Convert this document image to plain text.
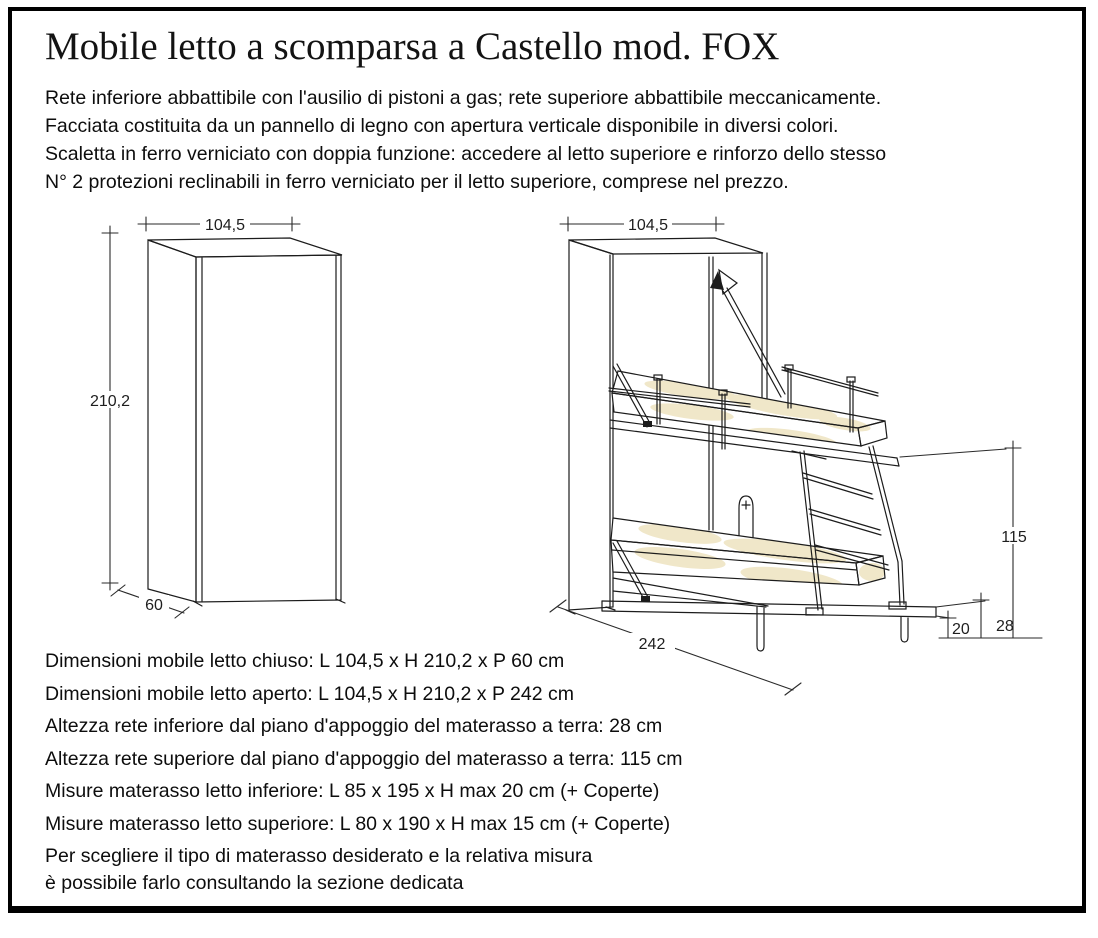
Mobile letto a scomparsa a Castello mod. FOX
Rete inferiore abbattibile con l'ausilio di pistoni a gas; rete superiore abbattibile meccanicamente.
Facciata costituita da un pannello di legno con apertura verticale disponibile in diversi colori.
Scaletta in ferro verniciato con doppia funzione: accedere al letto superiore e rinforzo dello stesso
N° 2 protezioni reclinabili in ferro verniciato per il letto superiore, comprese nel prezzo.
104,5
210,2
60
104,5
242
115
28
20
Dimensioni mobile letto chiuso: L 104,5 x H 210,2 x P 60 cm
Dimensioni mobile letto aperto: L 104,5 x H 210,2 x P 242 cm
Altezza rete inferiore dal piano d'appoggio del materasso a terra: 28 cm
Altezza rete superiore dal piano d'appoggio del materasso a terra: 115 cm
Misure materasso letto inferiore: L 85 x 195 x H max 20 cm (+ Coperte)
Misure materasso letto superiore: L 80 x 190 x H max 15 cm (+ Coperte)
Per scegliere il tipo di materasso desiderato e la relativa misura
è possibile farlo consultando la sezione dedicata
